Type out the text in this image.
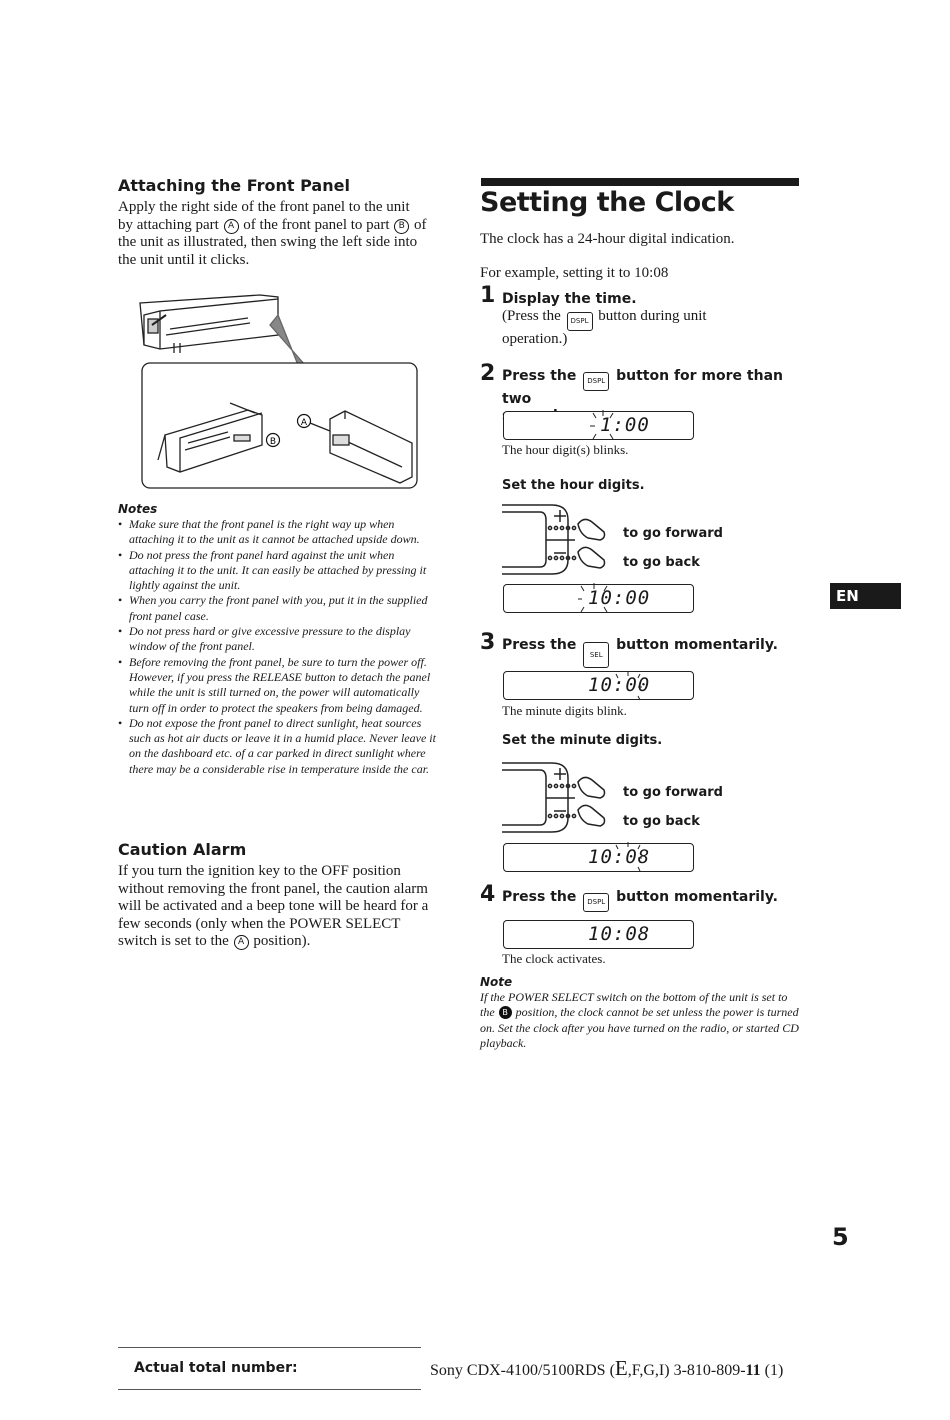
Attaching the Front Panel
Apply the right side of the front panel to the unit by attaching part A of the front panel to part B of the unit as illustrated, then swing the left side into the unit until it clicks.
A
B
Notes
• Make sure that the front panel is the right way up when attaching it to the unit as it cannot be attached upside down.
• Do not press the front panel hard against the unit when attaching it to the unit. It can easily be attached by pressing it lightly against the unit.
• When you carry the front panel with you, put it in the supplied front panel case.
• Do not press hard or give excessive pressure to the display window of the front panel.
• Before removing the front panel, be sure to turn the power off. However, if you press the RELEASE button to detach the panel while the unit is still turned on, the power will automatically turn off in order to protect the speakers from being damaged.
• Do not expose the front panel to direct sunlight, heat sources such as hot air ducts or leave it in a humid place. Never leave it on the dashboard etc. of a car parked in direct sunlight where there may be a considerable rise in temperature inside the car.
Caution Alarm
If you turn the ignition key to the OFF position without removing the front panel, the caution alarm will be activated and a beep tone will be heard for a few seconds (only when the POWER SELECT switch is set to the A position).
Setting the Clock
The clock has a 24-hour digital indication.
For example, setting it to 10:08
1 Display the time.
(Press the DSPL button during unit
operation.)
2 Press the DSPL button for more than two

1:00
The hour digit(s) blinks.
Set the hour digits.
to go forward
to go back
10:00
3 Press the SEL button momentarily.
10:00
The minute digits blink.
Set the minute digits.
to go forward
to go back
10:08
4 Press the DSPL button momentarily.
10:08
The clock activates.
Note
If the POWER SELECT switch on the bottom of the unit is set to the B position, the clock cannot be set unless the power is turned on. Set the clock after you have turned on the radio, or started CD playback.
EN
5
Actual total number:	Sony CDX-4100/5100RDS (E,F,G,I) 3-810-809-11 (1)
